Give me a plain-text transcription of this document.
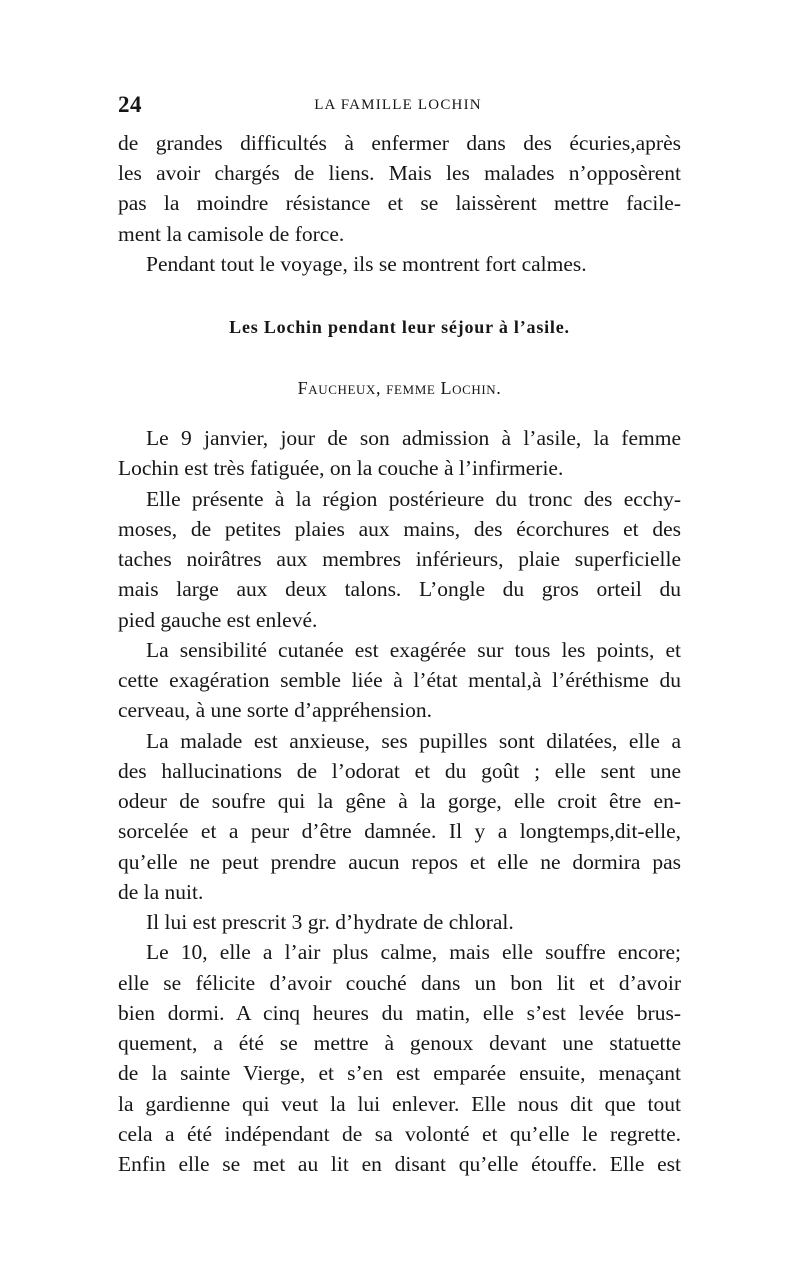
24	LA FAMILLE LOCHIN
de grandes difficultés à enfermer dans des écuries,après
les avoir chargés de liens. Mais les malades n’opposèrent
pas la moindre résistance et se laissèrent mettre facile-
ment la camisole de force.
Pendant tout le voyage, ils se montrent fort calmes.
Les Lochin pendant leur séjour à l’asile.
Faucheux, femme Lochin.
Le 9 janvier, jour de son admission à l’asile, la femme
Lochin est très fatiguée, on la couche à l’infirmerie.
Elle présente à la région postérieure du tronc des ecchy-
moses, de petites plaies aux mains, des écorchures et des
taches noirâtres aux membres inférieurs, plaie superficielle
mais large aux deux talons. L’ongle du gros orteil du
pied gauche est enlevé.
La sensibilité cutanée est exagérée sur tous les points, et
cette exagération semble liée à l’état mental,à l’éréthisme du
cerveau, à une sorte d’appréhension.
La malade est anxieuse, ses pupilles sont dilatées, elle a
des hallucinations de l’odorat et du goût ; elle sent une
odeur de soufre qui la gêne à la gorge, elle croit être en-
sorcelée et a peur d’être damnée. Il y a longtemps,dit-elle,
qu’elle ne peut prendre aucun repos et elle ne dormira pas
de la nuit.
Il lui est prescrit 3 gr. d’hydrate de chloral.
Le 10, elle a l’air plus calme, mais elle souffre encore;
elle se félicite d’avoir couché dans un bon lit et d’avoir
bien dormi. A cinq heures du matin, elle s’est levée brus-
quement, a été se mettre à genoux devant une statuette
de la sainte Vierge, et s’en est emparée ensuite, menaçant
la gardienne qui veut la lui enlever. Elle nous dit que tout
cela a été indépendant de sa volonté et qu’elle le regrette.
Enfin elle se met au lit en disant qu’elle étouffe. Elle est
